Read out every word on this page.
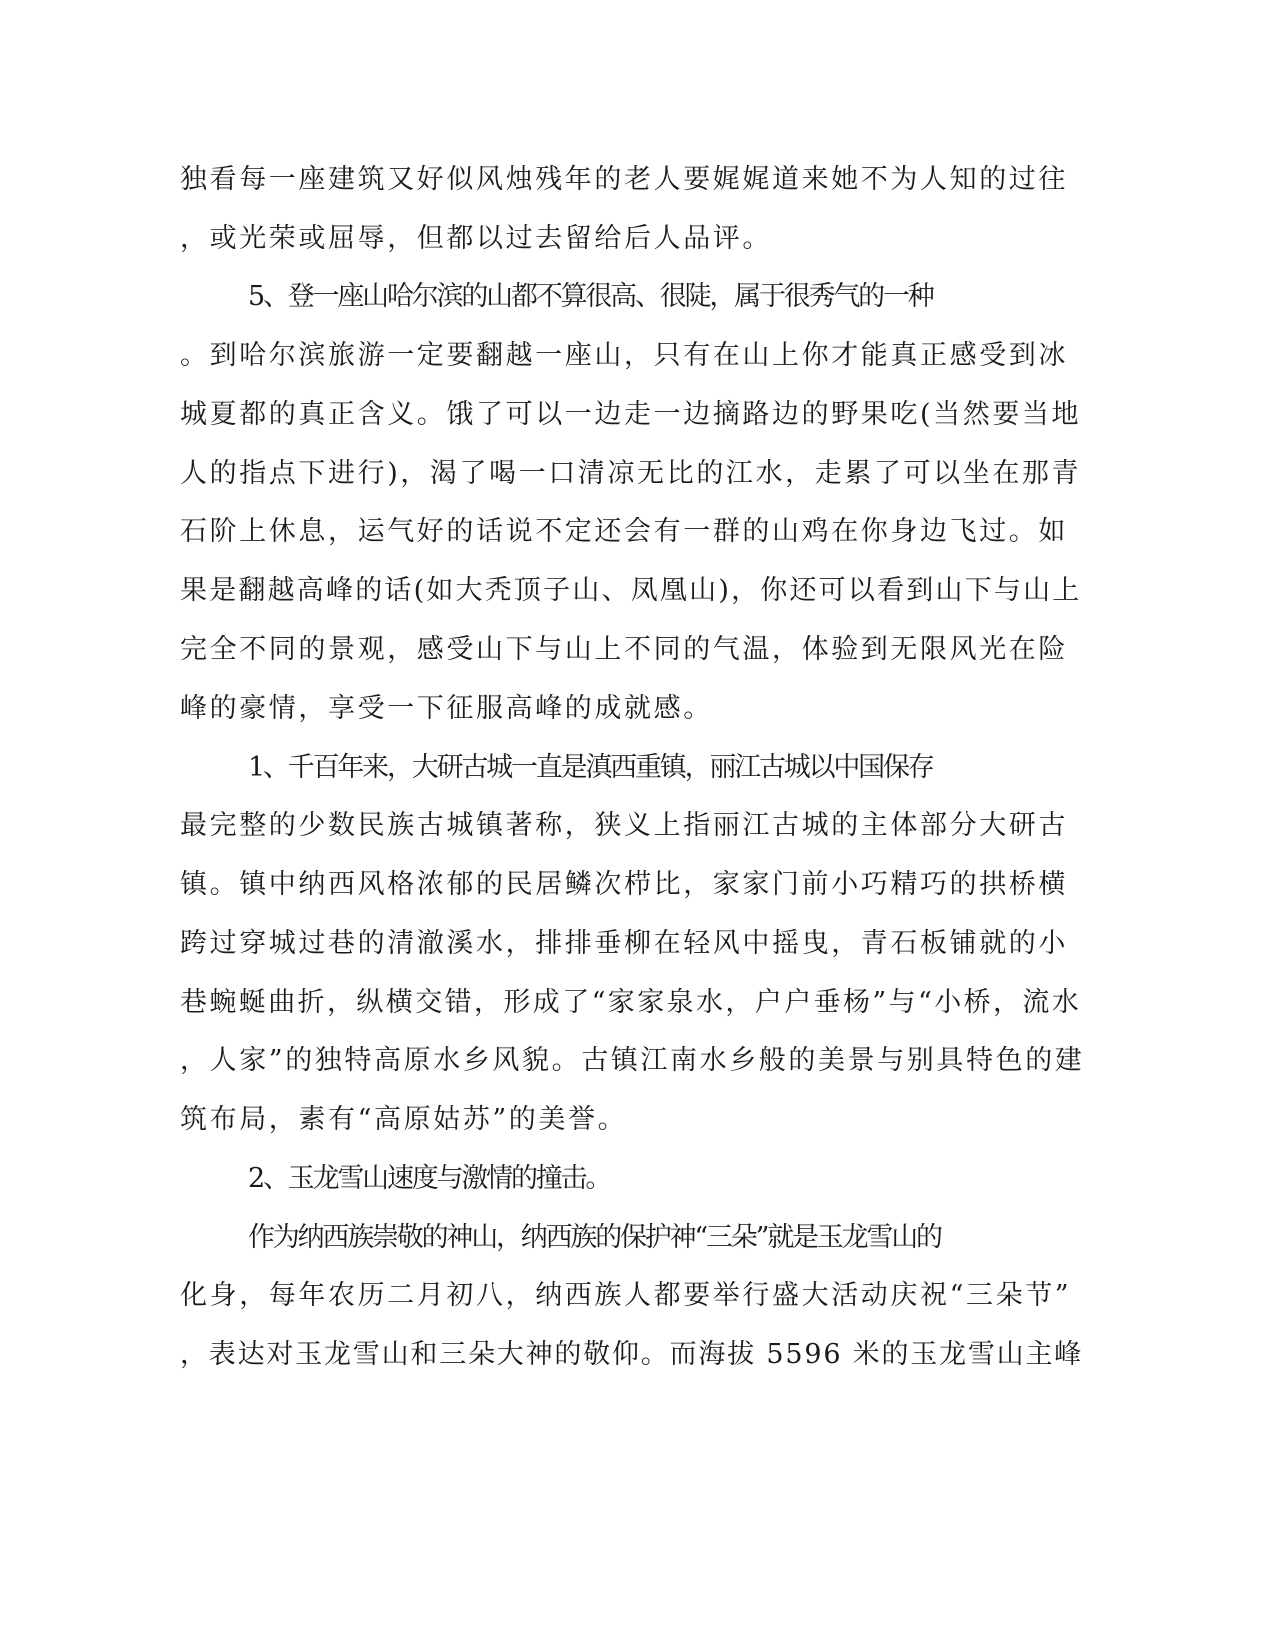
独看每一座建筑又好似风烛残年的老人要娓娓道来她不为人知的过往
，或光荣或屈辱，但都以过去留给后人品评。
5、登一座山哈尔滨的山都不算很高、很陡，属于很秀气的一种
。到哈尔滨旅游一定要翻越一座山，只有在山上你才能真正感受到冰
城夏都的真正含义。饿了可以一边走一边摘路边的野果吃(当然要当地
人的指点下进行)，渴了喝一口清凉无比的江水，走累了可以坐在那青
石阶上休息，运气好的话说不定还会有一群的山鸡在你身边飞过。如
果是翻越高峰的话(如大秃顶子山、凤凰山)，你还可以看到山下与山上
完全不同的景观，感受山下与山上不同的气温，体验到无限风光在险
峰的豪情，享受一下征服高峰的成就感。
1、千百年来，大研古城一直是滇西重镇，丽江古城以中国保存
最完整的少数民族古城镇著称，狭义上指丽江古城的主体部分大研古
镇。镇中纳西风格浓郁的民居鳞次栉比，家家门前小巧精巧的拱桥横
跨过穿城过巷的清澈溪水，排排垂柳在轻风中摇曳，青石板铺就的小
巷蜿蜒曲折，纵横交错，形成了“家家泉水，户户垂杨”与“小桥，流水
，人家”的独特高原水乡风貌。古镇江南水乡般的美景与别具特色的建
筑布局，素有“高原姑苏”的美誉。
2、玉龙雪山速度与激情的撞击。
作为纳西族崇敬的神山，纳西族的保护神“三朵”就是玉龙雪山的
化身，每年农历二月初八，纳西族人都要举行盛大活动庆祝“三朵节”
，表达对玉龙雪山和三朵大神的敬仰。而海拔 5596 米的玉龙雪山主峰
